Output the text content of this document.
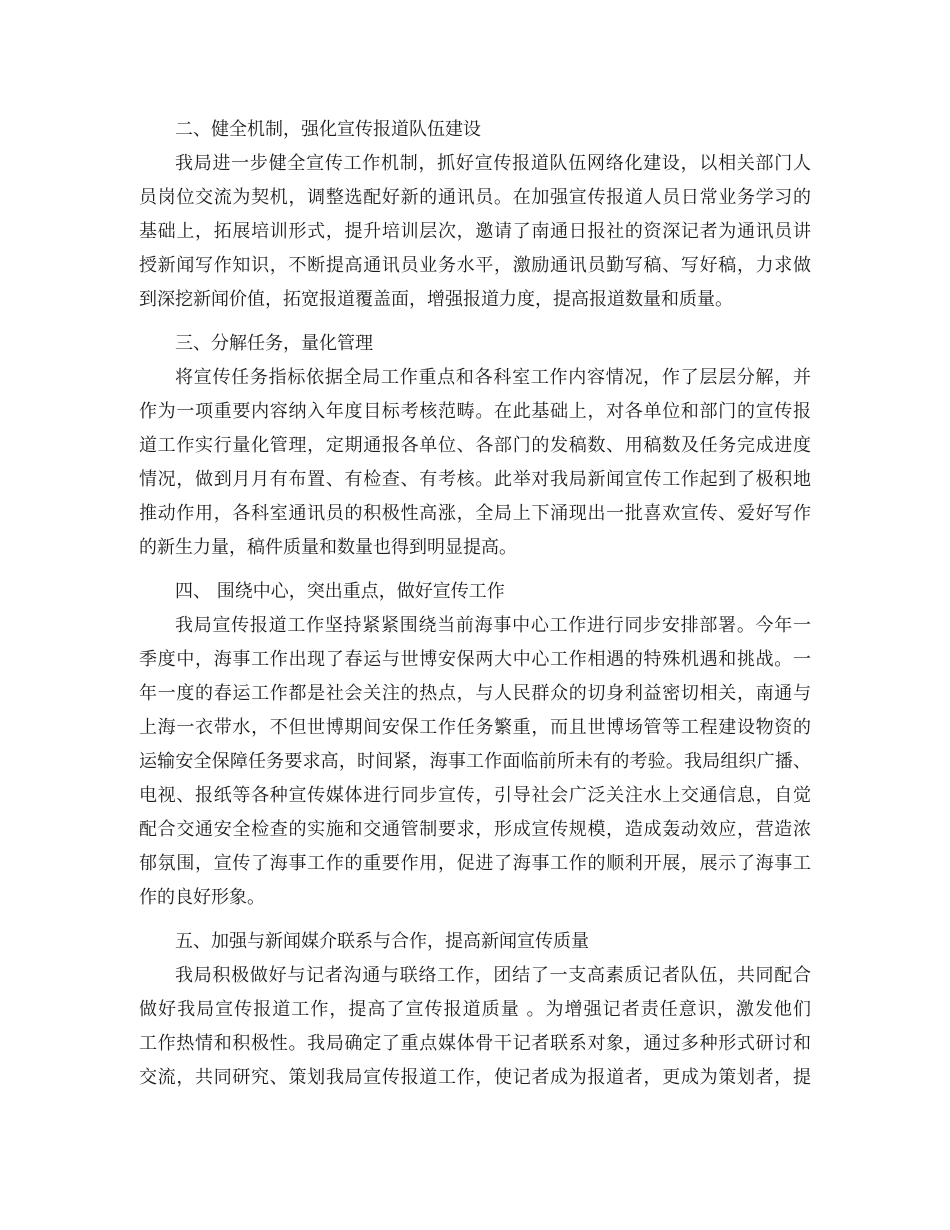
二、健全机制，强化宣传报道队伍建设
我局进一步健全宣传工作机制，抓好宣传报道队伍网络化建设，以相关部门人
员岗位交流为契机，调整选配好新的通讯员。在加强宣传报道人员日常业务学习的
基础上，拓展培训形式，提升培训层次，邀请了南通日报社的资深记者为通讯员讲
授新闻写作知识，不断提高通讯员业务水平，激励通讯员勤写稿、写好稿，力求做
到深挖新闻价值，拓宽报道覆盖面，增强报道力度，提高报道数量和质量。
三、分解任务，量化管理
将宣传任务指标依据全局工作重点和各科室工作内容情况，作了层层分解，并
作为一项重要内容纳入年度目标考核范畴。在此基础上，对各单位和部门的宣传报
道工作实行量化管理，定期通报各单位、各部门的发稿数、用稿数及任务完成进度
情况，做到月月有布置、有检查、有考核。此举对我局新闻宣传工作起到了极积地
推动作用，各科室通讯员的积极性高涨，全局上下涌现出一批喜欢宣传、爱好写作
的新生力量，稿件质量和数量也得到明显提高。
四、 围绕中心，突出重点，做好宣传工作
我局宣传报道工作坚持紧紧围绕当前海事中心工作进行同步安排部署。今年一
季度中，海事工作出现了春运与世博安保两大中心工作相遇的特殊机遇和挑战。一
年一度的春运工作都是社会关注的热点，与人民群众的切身利益密切相关，南通与
上海一衣带水，不但世博期间安保工作任务繁重，而且世博场管等工程建设物资的
运输安全保障任务要求高，时间紧，海事工作面临前所未有的考验。我局组织广播、
电视、报纸等各种宣传媒体进行同步宣传，引导社会广泛关注水上交通信息，自觉
配合交通安全检查的实施和交通管制要求，形成宣传规模，造成轰动效应，营造浓
郁氛围，宣传了海事工作的重要作用，促进了海事工作的顺利开展，展示了海事工
作的良好形象。
五、加强与新闻媒介联系与合作，提高新闻宣传质量
我局积极做好与记者沟通与联络工作，团结了一支高素质记者队伍，共同配合
做好我局宣传报道工作，提高了宣传报道质量 。为增强记者责任意识，激发他们
工作热情和积极性。我局确定了重点媒体骨干记者联系对象，通过多种形式研讨和
交流，共同研究、策划我局宣传报道工作，使记者成为报道者，更成为策划者，提
